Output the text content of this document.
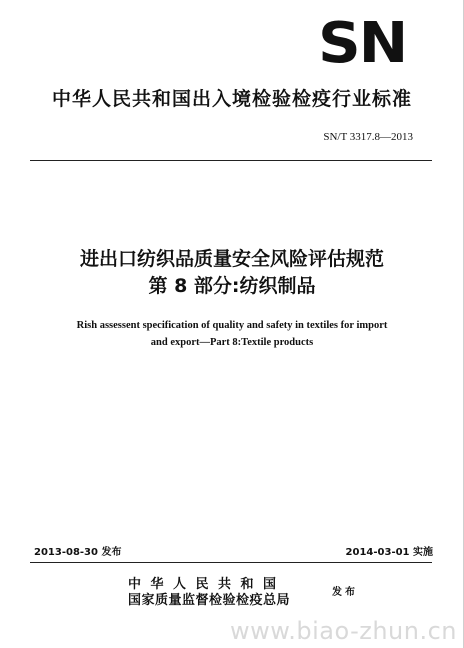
SN
中华人民共和国出入境检验检疫行业标准
SN/T 3317.8—2013
进出口纺织品质量安全风险评估规范
第 8 部分:纺织制品
Rish assessent specification of quality and safety in textiles for import
and export—Part 8:Textile products
2013-08-30 发布	2014-03-01 实施
中华人民共和国
国家质量监督检验检疫总局
发布
www.biao-zhun.cn
